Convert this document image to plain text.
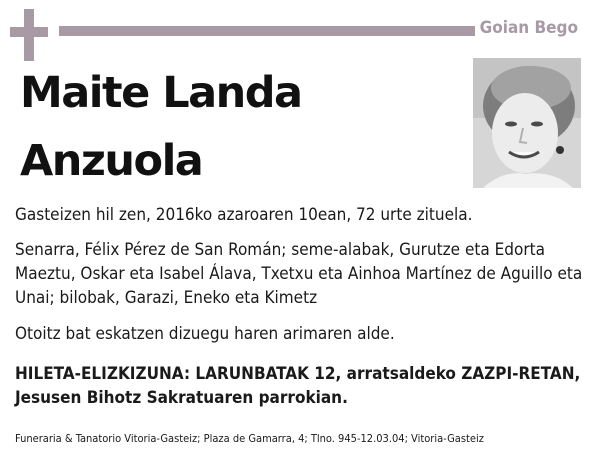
Goian Bego
Maite Landa
Anzuola
Gasteizen hil zen, 2016ko azaroaren 10ean, 72 urte zituela.
Senarra, Félix Pérez de San Román; seme-alabak, Gurutze eta Edorta Maeztu, Oskar eta Isabel Álava, Txetxu eta Ainhoa Martínez de Aguillo eta Unai; bilobak, Garazi, Eneko eta Kimetz
Otoitz bat eskatzen dizuegu haren arimaren alde.
HILETA-ELIZKIZUNA: LARUNBATAK 12, arratsaldeko ZAZPI-RETAN, Jesusen Bihotz Sakratuaren parrokian.
Funeraria & Tanatorio Vitoria-Gasteiz; Plaza de Gamarra, 4; Tlno. 945-12.03.04; Vitoria-Gasteiz
